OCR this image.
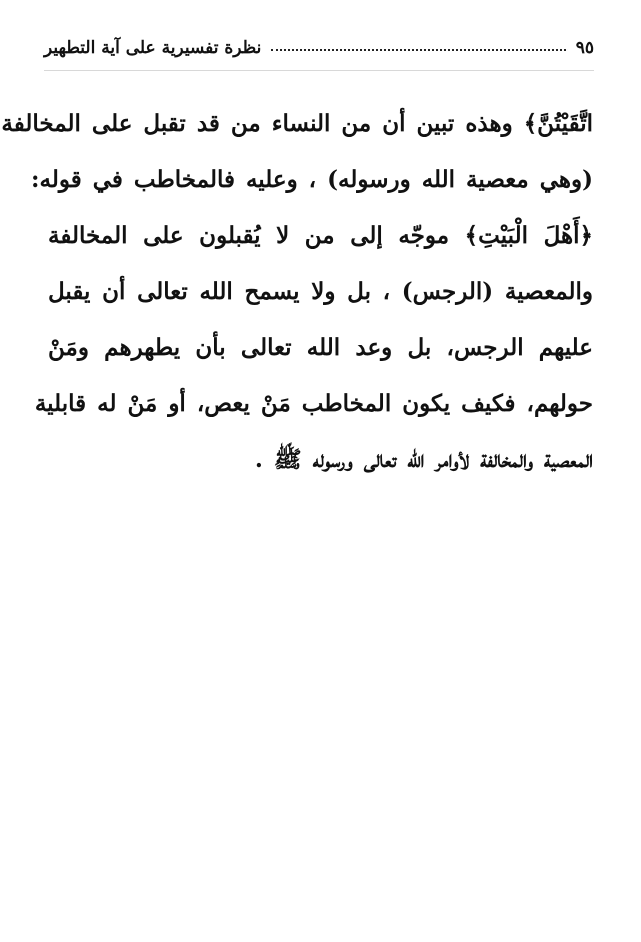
نظرة تفسيرية على آية التطهير	٩٥
اتَّقَيْتُنَّ﴾ وهذه تبين أن من النساء من قد تقبل على المخالفة
(وهي معصية الله ورسوله) ، وعليه فالمخاطب في قوله:
﴿أَهْلَ الْبَيْتِ﴾ موجّه إلى من لا يُقبلون على المخالفة
والمعصية (الرجس) ، بل ولا يسمح الله تعالى أن يقبل
عليهم الرجس، بل وعد الله تعالى بأن يطهرهم ومَنْ
حولهم، فكيف يكون المخاطب مَنْ يعص، أو مَنْ له قابلية
المعصية والمخالفة لأوامر الله تعالى ورسوله ﷺ .
